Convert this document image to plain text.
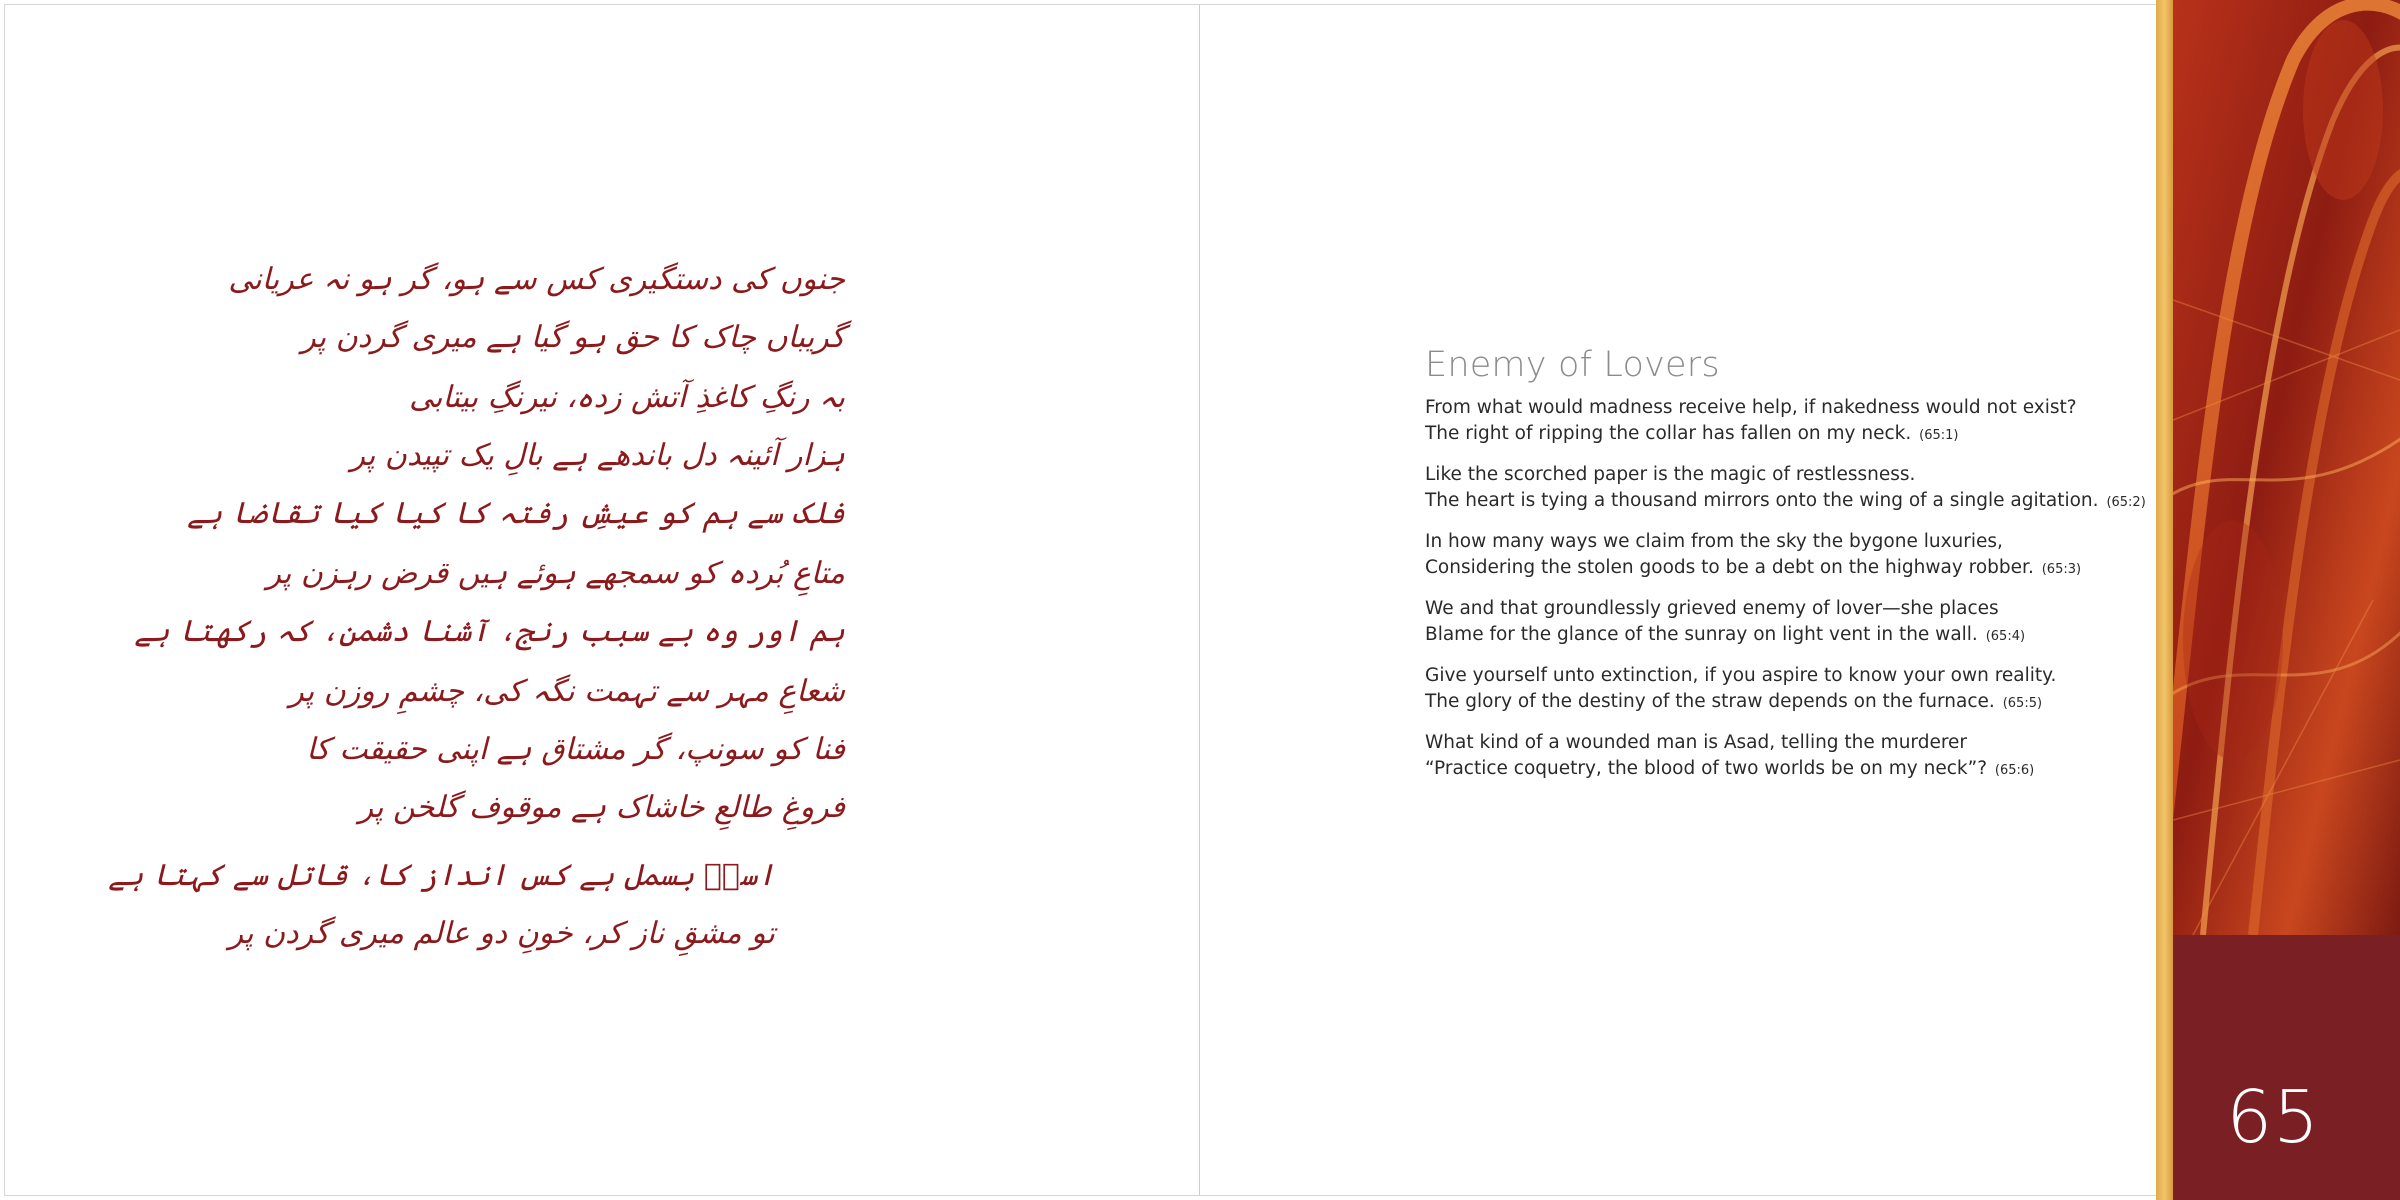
جنوں کی دستگیری کس سے ہو، گر ہو نہ عریانی
گریباں چاک کا حق ہو گیا ہے میری گردن پر
بہ رنگِ کاغذِ آتش زدہ، نیرنگِ بیتابی
ہزار آئینہ دل باندھے ہے بالِ یک تپیدن پر
فلک سے ہم کو عیشِ رفتہ کا کیا کیا تقاضا ہے
متاعِ بُردہ کو سمجھے ہوئے ہیں قرض رہزن پر
ہم اور وہ بے سبب رنج، آشنا دشمن، کہ رکھتا ہے
شعاعِ مہر سے تہمت نگہ کی، چشمِ روزن پر
فنا کو سونپ، گر مشتاق ہے اپنی حقیقت کا
فروغِ طالعِ خاشاک ہے موقوف گلخن پر
اسدؔ بسمل ہے کس انداز کا، قاتل سے کہتا ہے
تو مشقِ ناز کر، خونِ دو عالم میری گردن پر
Enemy of Lovers
From what would madness receive help, if nakedness would not exist?
The right of ripping the collar has fallen on my neck. (65:1)
Like the scorched paper is the magic of restlessness.
The heart is tying a thousand mirrors onto the wing of a single agitation. (65:2)
In how many ways we claim from the sky the bygone luxuries,
Considering the stolen goods to be a debt on the highway robber. (65:3)
We and that groundlessly grieved enemy of lover—she places
Blame for the glance of the sunray on light vent in the wall. (65:4)
Give yourself unto extinction, if you aspire to know your own reality.
The glory of the destiny of the straw depends on the furnace. (65:5)
What kind of a wounded man is Asad, telling the murderer
“Practice coquetry, the blood of two worlds be on my neck”? (65:6)
65
